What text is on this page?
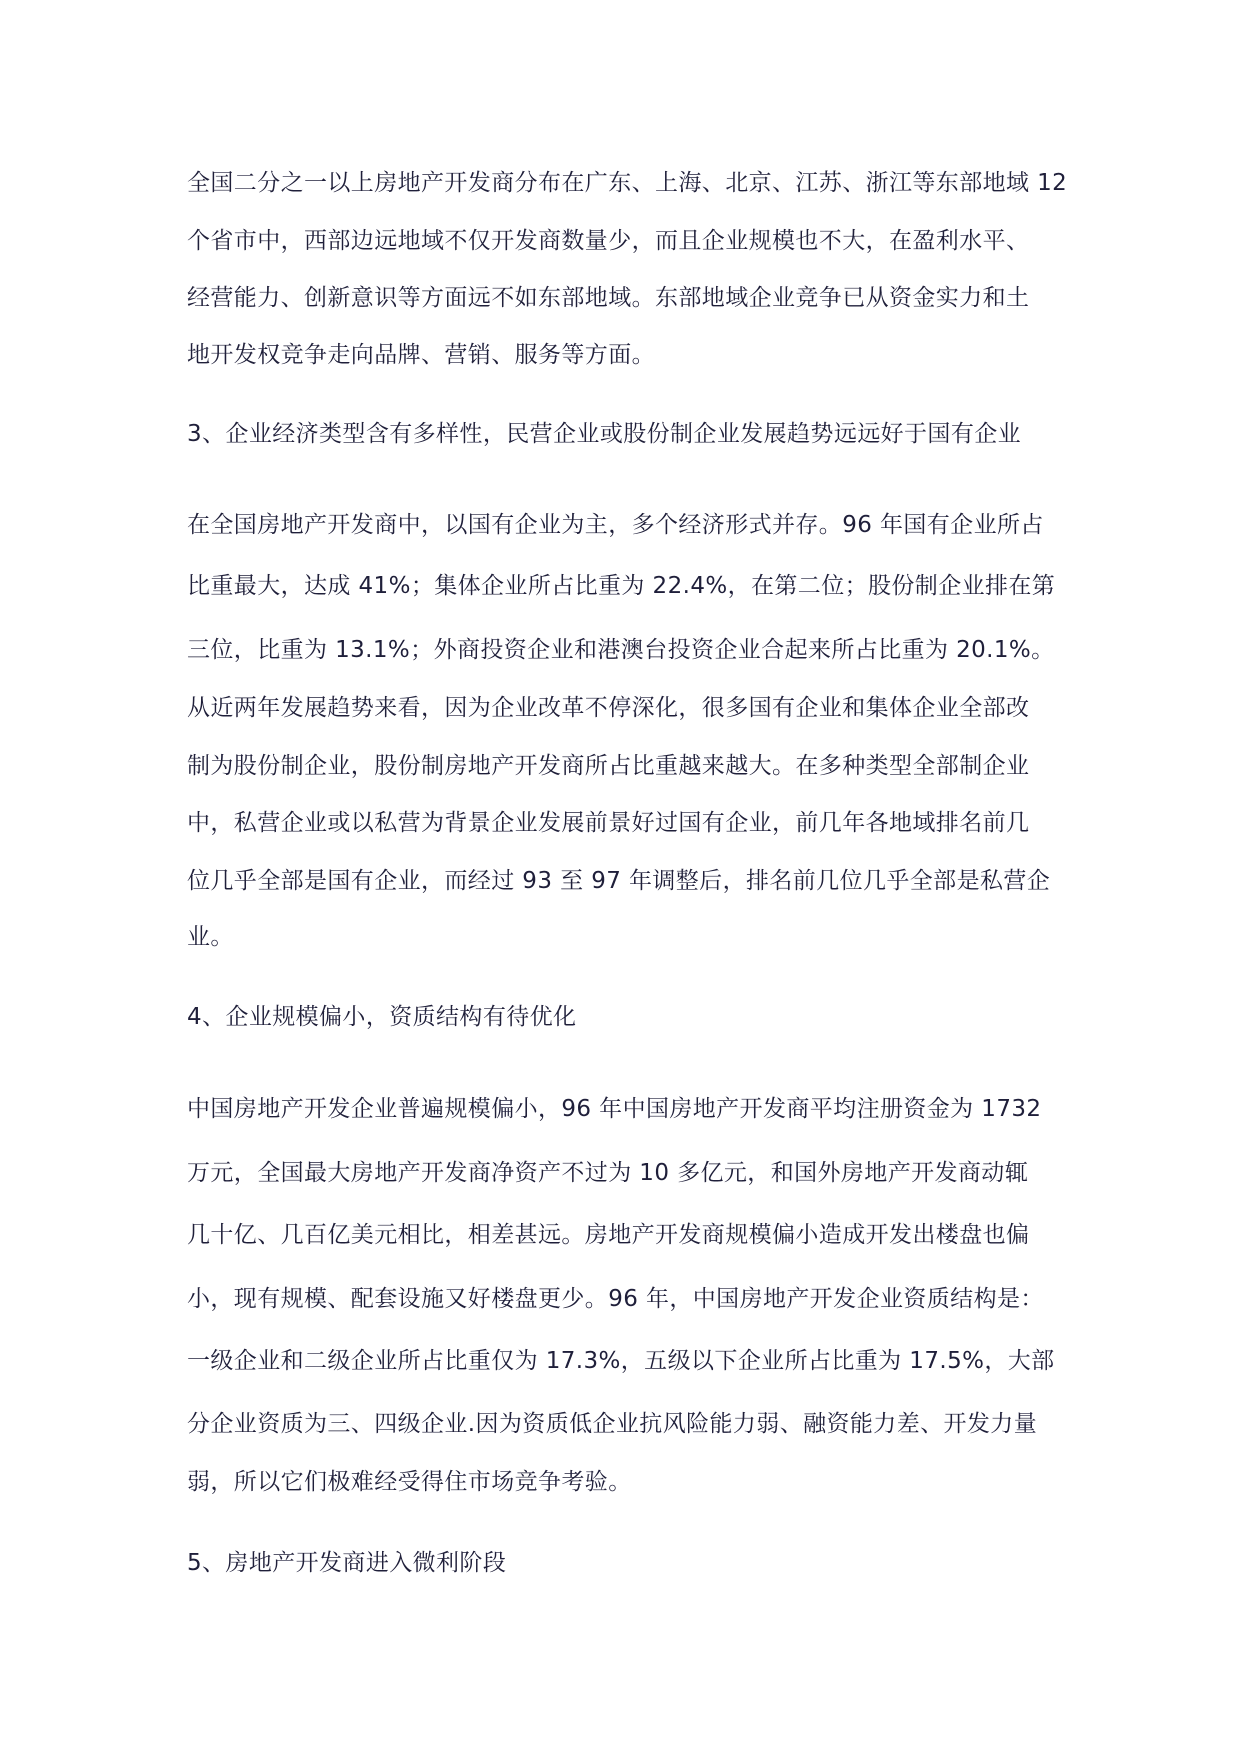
全国二分之一以上房地产开发商分布在广东、上海、北京、江苏、浙江等东部地域 12
个省市中，西部边远地域不仅开发商数量少，而且企业规模也不大，在盈利水平、
经营能力、创新意识等方面远不如东部地域。东部地域企业竞争已从资金实力和土
地开发权竞争走向品牌、营销、服务等方面。
3、企业经济类型含有多样性，民营企业或股份制企业发展趋势远远好于国有企业
在全国房地产开发商中，以国有企业为主，多个经济形式并存。96 年国有企业所占
比重最大，达成 41%；集体企业所占比重为 22.4%，在第二位；股份制企业排在第
三位，比重为 13.1%；外商投资企业和港澳台投资企业合起来所占比重为 20.1%。
从近两年发展趋势来看，因为企业改革不停深化，很多国有企业和集体企业全部改
制为股份制企业，股份制房地产开发商所占比重越来越大。在多种类型全部制企业
中，私营企业或以私营为背景企业发展前景好过国有企业，前几年各地域排名前几
位几乎全部是国有企业，而经过 93 至 97 年调整后，排名前几位几乎全部是私营企
业。
4、企业规模偏小，资质结构有待优化
中国房地产开发企业普遍规模偏小，96 年中国房地产开发商平均注册资金为 1732
万元，全国最大房地产开发商净资产不过为 10 多亿元，和国外房地产开发商动辄
几十亿、几百亿美元相比，相差甚远。房地产开发商规模偏小造成开发出楼盘也偏
小，现有规模、配套设施又好楼盘更少。96 年，中国房地产开发企业资质结构是：
一级企业和二级企业所占比重仅为 17.3%，五级以下企业所占比重为 17.5%，大部
分企业资质为三、四级企业.因为资质低企业抗风险能力弱、融资能力差、开发力量
弱，所以它们极难经受得住市场竞争考验。
5、房地产开发商进入微利阶段
